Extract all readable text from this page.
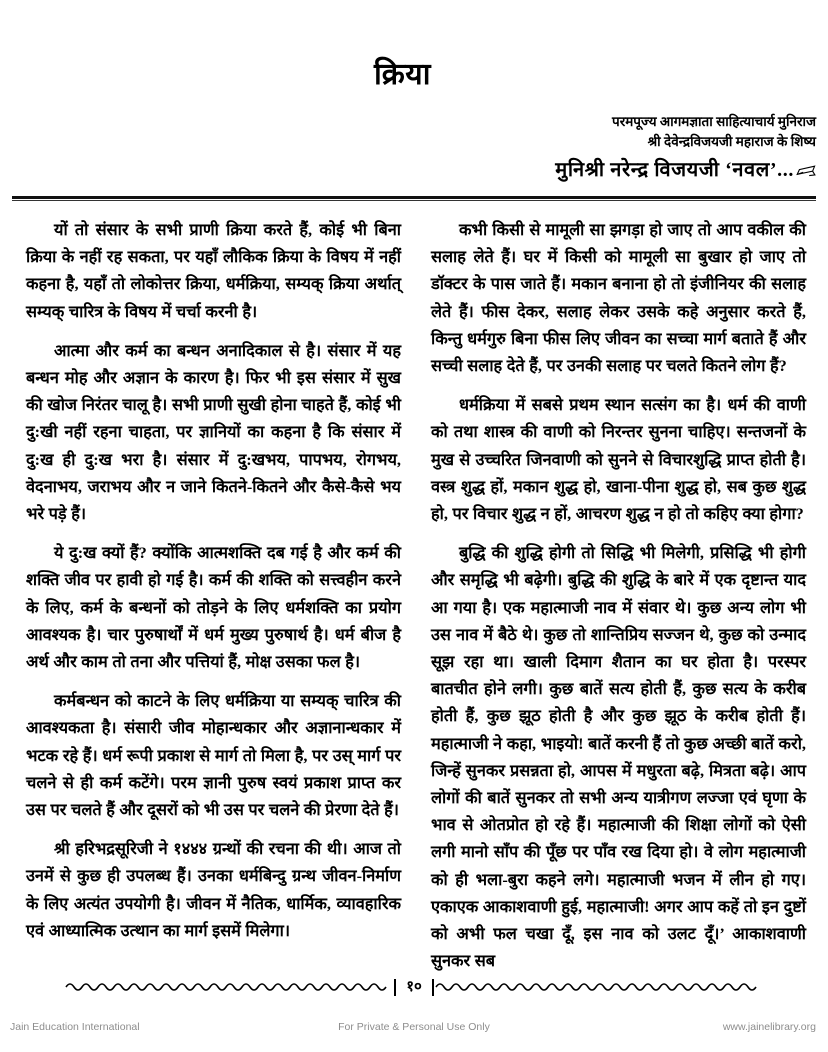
क्रिया
परमपूज्य आगमज्ञाता साहित्याचार्य मुनिराज
श्री देवेन्द्रविजयजी महाराज के शिष्य
मुनिश्री नरेन्द्र विजयजी ‘नवल’...

यों तो संसार के सभी प्राणी क्रिया करते हैं, कोई भी बिना क्रिया के नहीं रह सकता, पर यहाँ लौकिक क्रिया के विषय में नहीं कहना है, यहाँ तो लोकोत्तर क्रिया, धर्मक्रिया, सम्यक् क्रिया अर्थात् सम्यक् चारित्र के विषय में चर्चा करनी है।

आत्मा और कर्म का बन्धन अनादिकाल से है। संसार में यह बन्धन मोह और अज्ञान के कारण है। फिर भी इस संसार में सुख की खोज निरंतर चालू है। सभी प्राणी सुखी होना चाहते हैं, कोई भी दु:खी नहीं रहना चाहता, पर ज्ञानियों का कहना है कि संसार में दु:ख ही दु:ख भरा है। संसार में दु:खभय, पापभय, रोगभय, वेदनाभय, जराभय और न जाने कितने-कितने और कैसे-कैसे भय भरे पड़े हैं।

ये दु:ख क्यों हैं? क्योंकि आत्मशक्ति दब गई है और कर्म की शक्ति जीव पर हावी हो गई है। कर्म की शक्ति को सत्त्वहीन करने के लिए, कर्म के बन्धनों को तोड़ने के लिए धर्मशक्ति का प्रयोग आवश्यक है। चार पुरुषार्थों में धर्म मुख्य पुरुषार्थ है। धर्म बीज है अर्थ और काम तो तना और पत्तियां हैं, मोक्ष उसका फल है।

कर्मबन्धन को काटने के लिए धर्मक्रिया या सम्यक् चारित्र की आवश्यकता है। संसारी जीव मोहान्धकार और अज्ञानान्धकार में भटक रहे हैं। धर्म रूपी प्रकाश से मार्ग तो मिला है, पर उस् मार्ग पर चलने से ही कर्म कटेंगे। परम ज्ञानी पुरुष स्वयं प्रकाश प्राप्त कर उस पर चलते हैं और दूसरों को भी उस पर चलने की प्रेरणा देते हैं।

श्री हरिभद्रसूरिजी ने १४४४ ग्रन्थों की रचना की थी। आज तो उनमें से कुछ ही उपलब्ध हैं। उनका धर्मबिन्दु ग्रन्थ जीवन-निर्माण के लिए अत्यंत उपयोगी है। जीवन में नैतिक, धार्मिक, व्यावहारिक एवं आध्यात्मिक उत्थान का मार्ग इसमें मिलेगा।

कभी किसी से मामूली सा झगड़ा हो जाए तो आप वकील की सलाह लेते हैं। घर में किसी को मामूली सा बुखार हो जाए तो डॉक्टर के पास जाते हैं। मकान बनाना हो तो इंजीनियर की सलाह लेते हैं। फीस देकर, सलाह लेकर उसके कहे अनुसार करते हैं, किन्तु धर्मगुरु बिना फीस लिए जीवन का सच्चा मार्ग बताते हैं और सच्ची सलाह देते हैं, पर उनकी सलाह पर चलते कितने लोग हैं?

धर्मक्रिया में सबसे प्रथम स्थान सत्संग का है। धर्म की वाणी को तथा शास्त्र की वाणी को निरन्तर सुनना चाहिए। सन्तजनों के मुख से उच्चरित जिनवाणी को सुनने से विचारशुद्धि प्राप्त होती है। वस्त्र शुद्ध हों, मकान शुद्ध हो, खाना-पीना शुद्ध हो, सब कुछ शुद्ध हो, पर विचार शुद्ध न हों, आचरण शुद्ध न हो तो कहिए क्या होगा?

बुद्धि की शुद्धि होगी तो सिद्धि भी मिलेगी, प्रसिद्धि भी होगी और समृद्धि भी बढ़ेगी। बुद्धि की शुद्धि के बारे में एक दृष्टान्त याद आ गया है। एक महात्माजी नाव में संवार थे। कुछ अन्य लोग भी उस नाव में बैठे थे। कुछ तो शान्तिप्रिय सज्जन थे, कुछ को उन्माद सूझ रहा था। खाली दिमाग शैतान का घर होता है। परस्पर बातचीत होने लगी। कुछ बातें सत्य होती हैं, कुछ सत्य के करीब होती हैं, कुछ झूठ होती है और कुछ झूठ के करीब होती हैं। महात्माजी ने कहा, भाइयो! बातें करनी हैं तो कुछ अच्छी बातें करो, जिन्हें सुनकर प्रसन्नता हो, आपस में मधुरता बढ़े, मित्रता बढ़े। आप लोगों की बातें सुनकर तो सभी अन्य यात्रीगण लज्जा एवं घृणा के भाव से ओतप्रोत हो रहे हैं। महात्माजी की शिक्षा लोगों को ऐसी लगी मानो साँप की पूँछ पर पाँव रख दिया हो। वे लोग महात्माजी को ही भला-बुरा कहने लगे। महात्माजी भजन में लीन हो गए। एकाएक आकाशवाणी हुई, महात्माजी! अगर आप कहें तो इन दुष्टों को अभी फल चखा दूँ, इस नाव को उलट दूँ।’ आकाशवाणी सुनकर सब

१०
Jain Education International	For Private & Personal Use Only	www.jainelibrary.org
